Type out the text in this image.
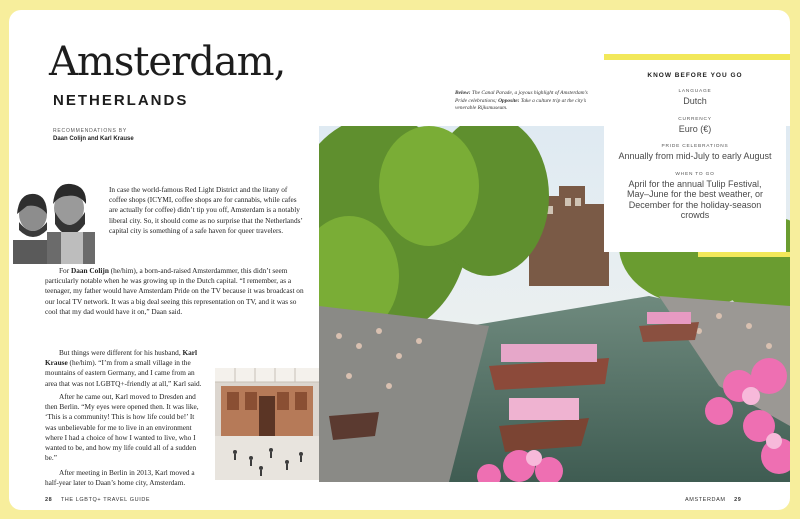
Amsterdam,
NETHERLANDS
RECOMMENDATIONS BY
Daan Colijn and Karl Krause

In case the world-famous Red Light District and the litany of coffee shops (ICYMI, coffee shops are for cannabis, while cafes are actually for coffee) didn’t tip you off, Amsterdam is a notably liberal city. So, it should come as no surprise that the Netherlands’ capital city is something of a safe haven for queer travelers.

For Daan Colijn (he/him), a born-and-raised Amsterdammer, this didn’t seem particularly notable when he was growing up in the Dutch capital. “I remember, as a teenager, my father would have Amsterdam Pride on the TV because it was broadcast on our local TV network. It was a big deal seeing this representation on TV, and it was so cool that my dad would have it on,” Daan said.

But things were different for his husband, Karl Krause (he/him). “I’m from a small village in the mountains of eastern Germany, and I came from an area that was not LGBTQ+-friendly at all,” Karl said.

After he came out, Karl moved to Dresden and then Berlin. “My eyes were opened then. It was like, ‘This is a community! This is how life could be!’ It was unbelievable for me to live in an environment where I had a choice of how I wanted to live, who I wanted to be, and how my life could all of a sudden be.”

After meeting in Berlin in 2013, Karl moved a half-year later to Daan’s home city, Amsterdam.

Below: The Canal Parade, a joyous highlight of Amsterdam’s Pride celebrations; Opposite: Take a culture trip at the city’s venerable Rijksmuseum.
KNOW BEFORE YOU GO
LANGUAGE
Dutch
CURRENCY
Euro (€)
PRIDE CELEBRATIONS
Annually from mid-July to early August
WHEN TO GO
April for the annual Tulip Festival, May–June for the best weather, or December for the holiday-season crowds
28 THE LGBTQ+ TRAVEL GUIDE	AMSTERDAM 29
